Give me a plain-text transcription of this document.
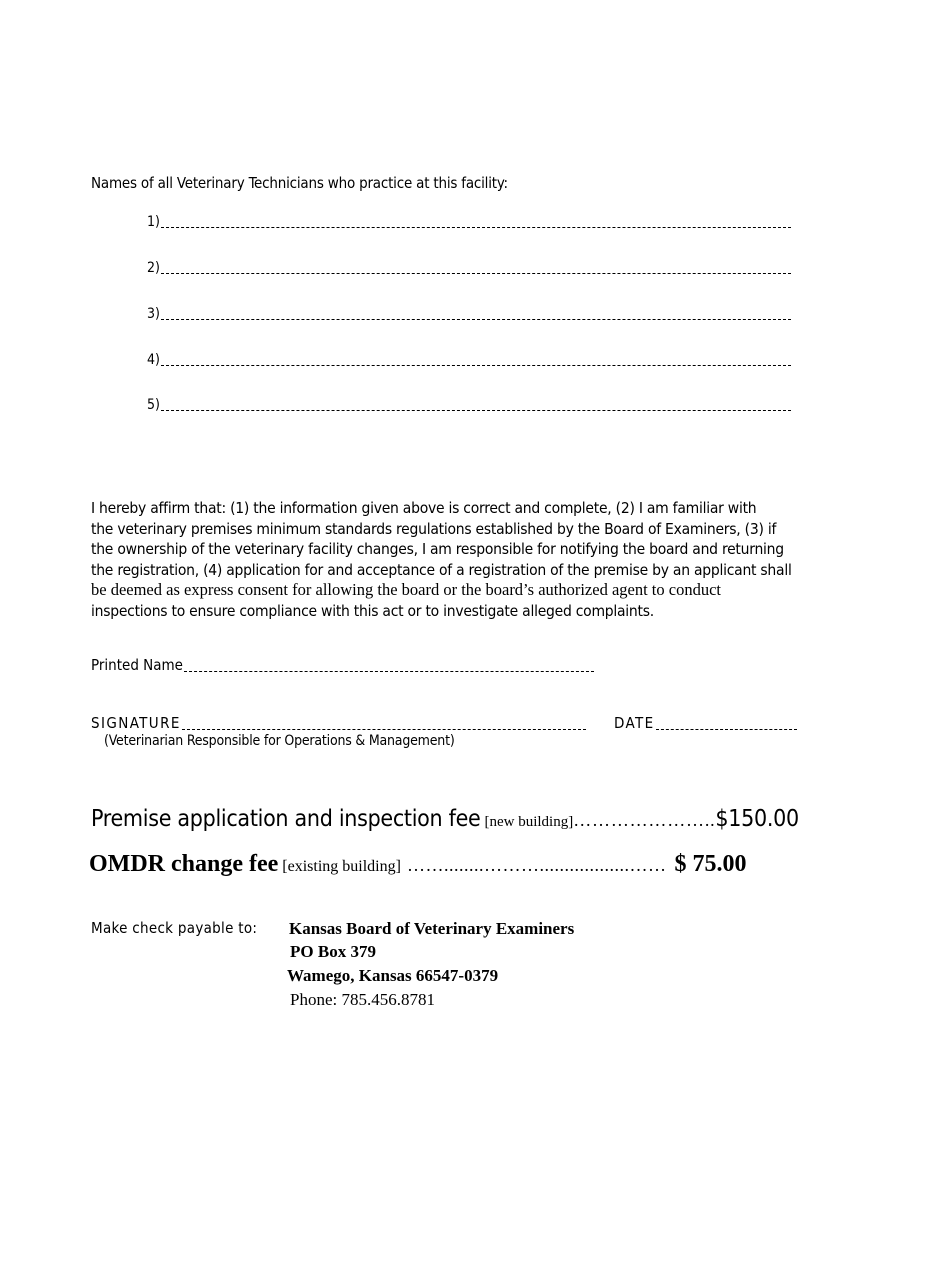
Names of all Veterinary Technicians who practice at this facility:
1)
2)
3)
4)
5)
I hereby affirm that: (1) the information given above is correct and complete, (2) I am familiar with
the veterinary premises minimum standards regulations established by the Board of Examiners, (3) if
the ownership of the veterinary facility changes, I am responsible for notifying the board and returning
the registration, (4) application for and acceptance of a registration of the premise by an applicant shall
be deemed as express consent for allowing the board or the board’s authorized agent to conduct
inspections to ensure compliance with this act or to investigate alleged complaints.
Printed Name
SIGNATURE	DATE
(Veterinarian Responsible for Operations & Management)
Premise application and inspection fee [new building] ………………….. $150.00
OMDR change fee [existing building] ……........………..................…… $ 75.00
Make check payable to: Kansas Board of Veterinary Examiners
PO Box 379
Wamego, Kansas 66547-0379
Phone: 785.456.8781
